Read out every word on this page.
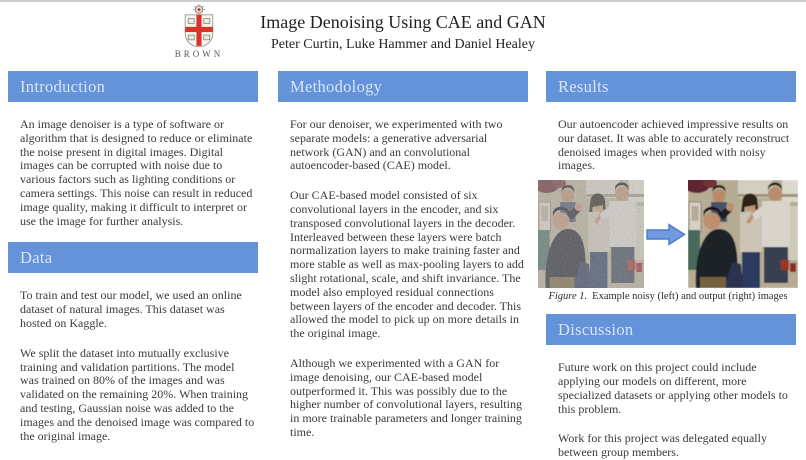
BROWN
Image Denoising Using CAE and GAN
Peter Curtin, Luke Hammer and Daniel Healey
Introduction

An image denoiser is a type of software or algorithm that is designed to reduce or eliminate the noise present in digital images. Digital images can be corrupted with noise due to various factors such as lighting conditions or camera settings. This noise can result in reduced image quality, making it difficult to interpret or use the image for further analysis.

Data

To train and test our model, we used an online dataset of natural images. This dataset was hosted on Kaggle.

We split the dataset into mutually exclusive training and validation partitions. The model was trained on 80% of the images and was validated on the remaining 20%. When training and testing, Gaussian noise was added to the images and the denoised image was compared to the original image.

Methodology

For our denoiser, we experimented with two separate models: a generative adversarial network (GAN) and an convolutional autoencoder-based (CAE) model.

Our CAE-based model consisted of six convolutional layers in the encoder, and six transposed convolutional layers in the decoder. Interleaved between these layers were batch normalization layers to make training faster and more stable as well as max-pooling layers to add slight rotational, scale, and shift invariance. The model also employed residual connections between layers of the encoder and decoder. This allowed the model to pick up on more details in the original image.

Although we experimented with a GAN for image denoising, our CAE-based model outperformed it. This was possibly due to the higher number of convolutional layers, resulting in more trainable parameters and longer training time.

Results

Our autoencoder achieved impressive results on our dataset. It was able to accurately reconstruct denoised images when provided with noisy images.

Figure 1. Example noisy (left) and output (right) images
Discussion

Future work on this project could include applying our models on different, more specialized datasets or applying other models to this problem.

Work for this project was delegated equally between group members.
